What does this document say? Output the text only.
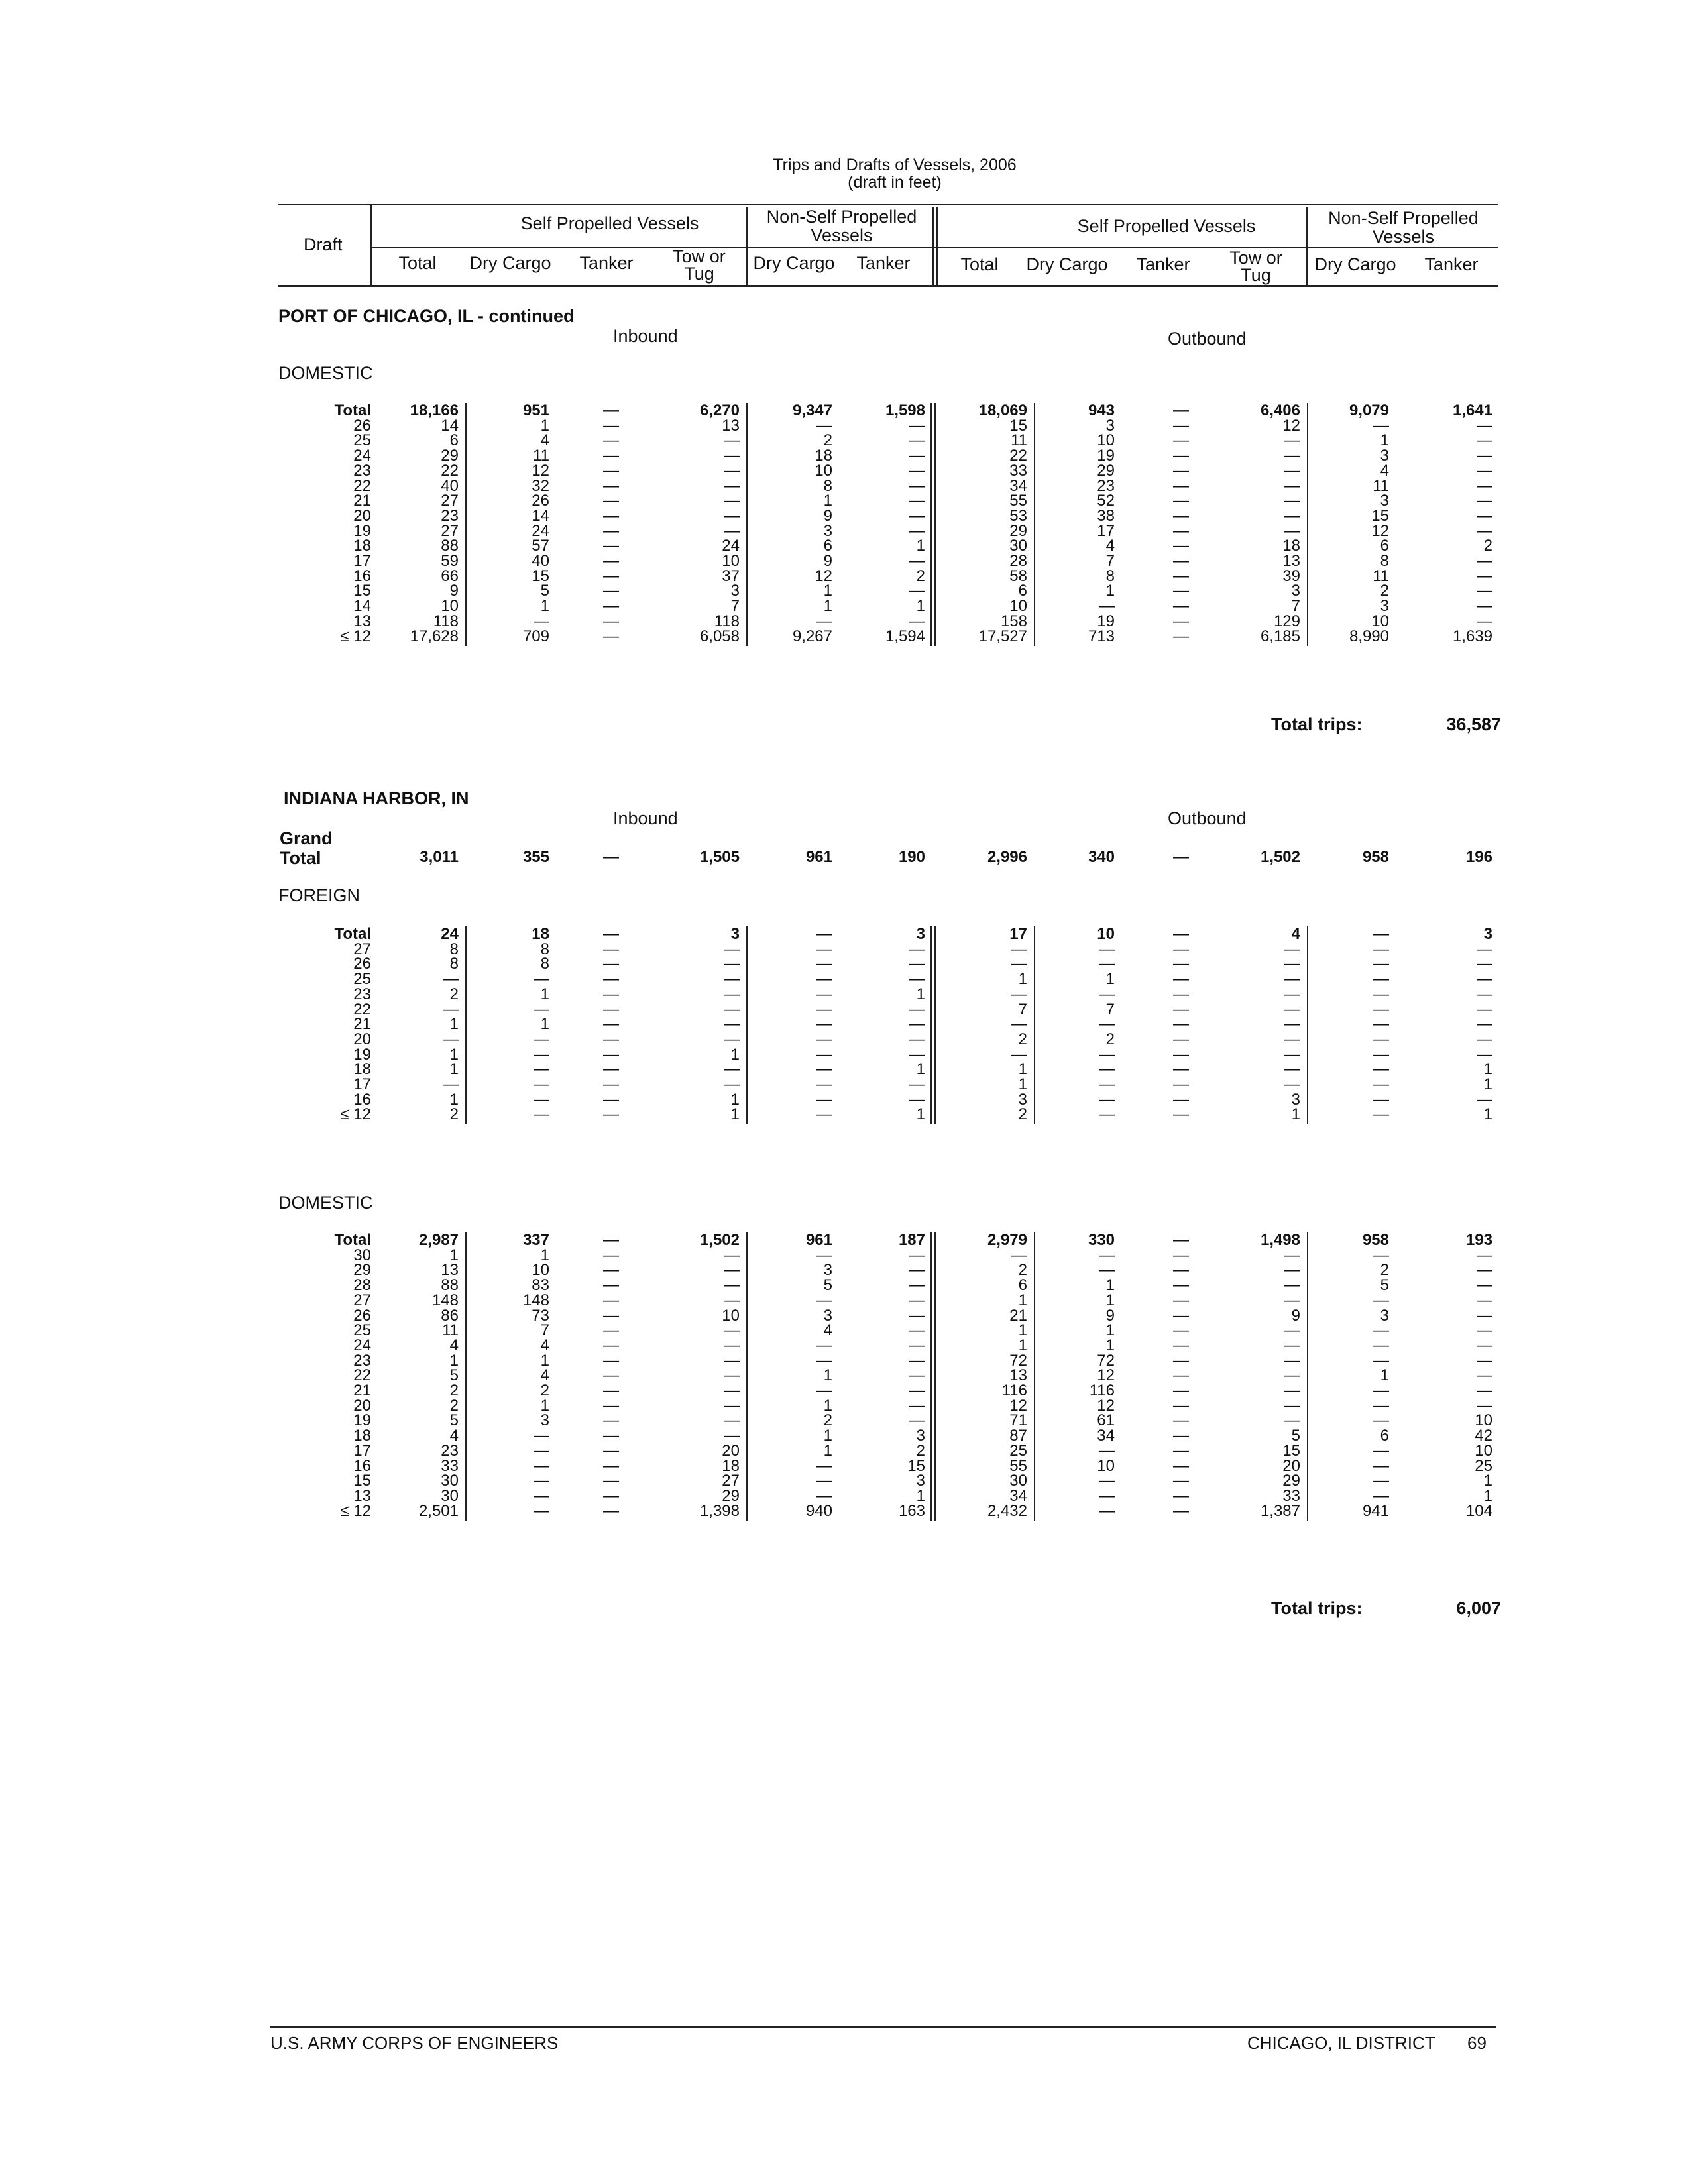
Trips and Drafts of Vessels, 2006
(draft in feet)
Draft
Self Propelled Vessels	Non-Self Propelled
Vessels	Self Propelled Vessels	Non-Self Propelled
Vessels
Total	Dry Cargo	Tanker	Tow or
Tug
Dry Cargo	Tanker	Total	Dry Cargo	Tanker	Tow or
Tug
Dry Cargo	Tanker
PORT OF CHICAGO, IL - continued
Inbound	Outbound
DOMESTIC
Total trips:	36,587
INDIANA HARBOR, IN
Inbound	Outbound
Grand
Total
FOREIGN
DOMESTIC
Total trips:	6,007
U.S. ARMY CORPS OF ENGINEERS	CHICAGO, IL DISTRICT 69
Total	18,166	951	—	6,270	9,347	1,598	18,069	943	—	6,406	9,079	1,641
26	14	1	—	13	—	—	15	3	—	12	—	—
25	6	4	—	—	2	—	11	10	—	—	1	—
24	29	11	—	—	18	—	22	19	—	—	3	—
23	22	12	—	—	10	—	33	29	—	—	4	—
22	40	32	—	—	8	—	34	23	—	—	11	—
21	27	26	—	—	1	—	55	52	—	—	3	—
20	23	14	—	—	9	—	53	38	—	—	15	—
19	27	24	—	—	3	—	29	17	—	—	12	—
18	88	57	—	24	6	1	30	4	—	18	6	2
17	59	40	—	10	9	—	28	7	—	13	8	—
16	66	15	—	37	12	2	58	8	—	39	11	—
15	9	5	—	3	1	—	6	1	—	3	2	—
14	10	1	—	7	1	1	10	—	—	7	3	—
13	118	—	—	118	—	—	158	19	—	129	10	—
≤ 12	17,628	709	—	6,058	9,267	1,594	17,527	713	—	6,185	8,990	1,639
Total	24	18	—	3	—	3	17	10	—	4	—	3
27	8	8	—	—	—	—	—	—	—	—	—	—
26	8	8	—	—	—	—	—	—	—	—	—	—
25	—	—	—	—	—	—	1	1	—	—	—	—
23	2	1	—	—	—	1	—	—	—	—	—	—
22	—	—	—	—	—	—	7	7	—	—	—	—
21	1	1	—	—	—	—	—	—	—	—	—	—
20	—	—	—	—	—	—	2	2	—	—	—	—
19	1	—	—	1	—	—	—	—	—	—	—	—
18	1	—	—	—	—	1	1	—	—	—	—	1
17	—	—	—	—	—	—	1	—	—	—	—	1
16	1	—	—	1	—	—	3	—	—	3	—	—
≤ 12	2	—	—	1	—	1	2	—	—	1	—	1
Total	2,987	337	—	1,502	961	187	2,979	330	—	1,498	958	193
30	1	1	—	—	—	—	—	—	—	—	—	—
29	13	10	—	—	3	—	2	—	—	—	2	—
28	88	83	—	—	5	—	6	1	—	—	5	—
27	148	148	—	—	—	—	1	1	—	—	—	—
26	86	73	—	10	3	—	21	9	—	9	3	—
25	11	7	—	—	4	—	1	1	—	—	—	—
24	4	4	—	—	—	—	1	1	—	—	—	—
23	1	1	—	—	—	—	72	72	—	—	—	—
22	5	4	—	—	1	—	13	12	—	—	1	—
21	2	2	—	—	—	—	116	116	—	—	—	—
20	2	1	—	—	1	—	12	12	—	—	—	—
19	5	3	—	—	2	—	71	61	—	—	—	10
18	4	—	—	—	1	3	87	34	—	5	6	42
17	23	—	—	20	1	2	25	—	—	15	—	10
16	33	—	—	18	—	15	55	10	—	20	—	25
15	30	—	—	27	—	3	30	—	—	29	—	1
13	30	—	—	29	—	1	34	—	—	33	—	1
≤ 12	2,501	—	—	1,398	940	163	2,432	—	—	1,387	941	104
3,011	355	—	1,505	961	190	2,996	340	—	1,502	958	196
